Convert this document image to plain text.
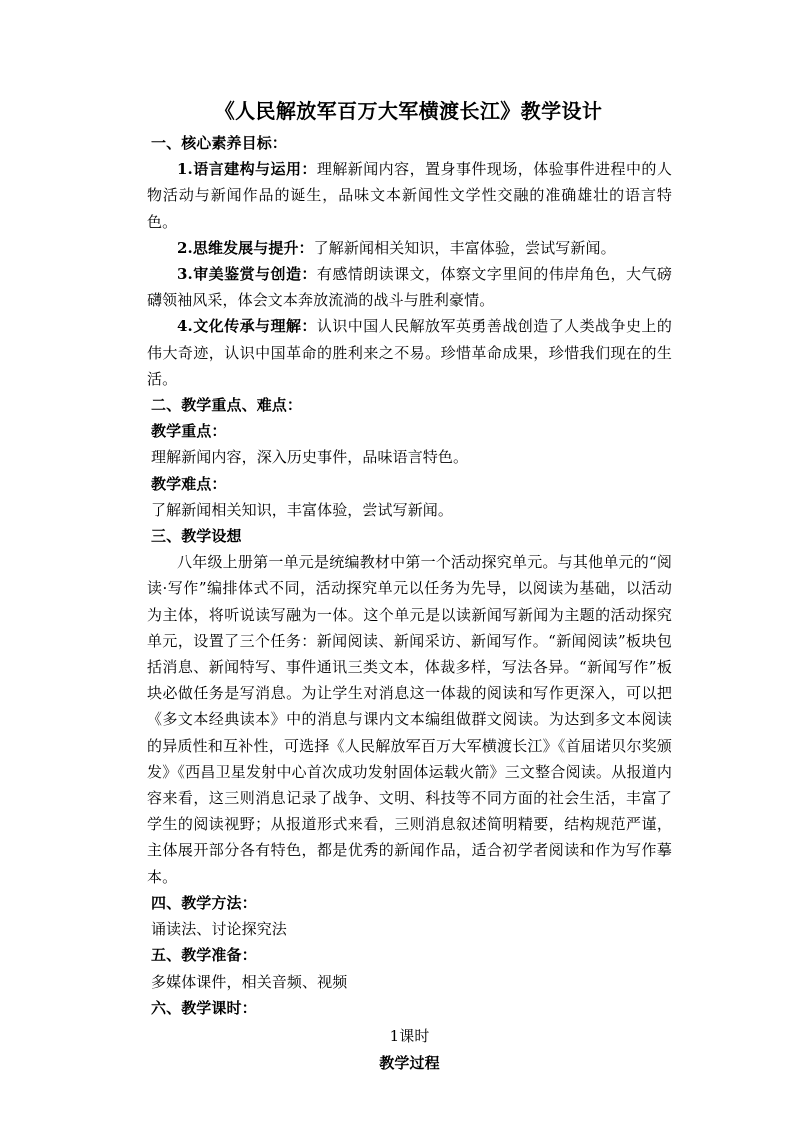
《人民解放军百万大军横渡长江》教学设计

一、核心素养目标：

1.语言建构与运用：理解新闻内容，置身事件现场，体验事件进程中的人物活动与新闻作品的诞生，品味文本新闻性文学性交融的准确雄壮的语言特色。

2.思维发展与提升：了解新闻相关知识，丰富体验，尝试写新闻。

3.审美鉴赏与创造：有感情朗读课文，体察文字里间的伟岸角色，大气磅礴领袖风采，体会文本奔放流淌的战斗与胜利豪情。

4.文化传承与理解：认识中国人民解放军英勇善战创造了人类战争史上的伟大奇迹，认识中国革命的胜利来之不易。珍惜革命成果，珍惜我们现在的生活。

二、教学重点、难点：

教学重点：

理解新闻内容，深入历史事件，品味语言特色。

教学难点：

了解新闻相关知识，丰富体验，尝试写新闻。

三、教学设想

八年级上册第一单元是统编教材中第一个活动探究单元。与其他单元的“阅读·写作”编排体式不同，活动探究单元以任务为先导，以阅读为基础，以活动为主体，将听说读写融为一体。这个单元是以读新闻写新闻为主题的活动探究单元，设置了三个任务：新闻阅读、新闻采访、新闻写作。“新闻阅读”板块包括消息、新闻特写、事件通讯三类文本，体裁多样，写法各异。“新闻写作”板块必做任务是写消息。为让学生对消息这一体裁的阅读和写作更深入，可以把《多文本经典读本》中的消息与课内文本编组做群文阅读。为达到多文本阅读的异质性和互补性，可选择《人民解放军百万大军横渡长江》《首届诺贝尔奖颁发》《西昌卫星发射中心首次成功发射固体运载火箭》三文整合阅读。从报道内容来看，这三则消息记录了战争、文明、科技等不同方面的社会生活，丰富了学生的阅读视野；从报道形式来看，三则消息叙述简明精要，结构规范严谨，主体展开部分各有特色，都是优秀的新闻作品，适合初学者阅读和作为写作摹本。

四、教学方法：

诵读法、讨论探究法

五、教学准备：

多媒体课件，相关音频、视频

六、教学课时：

1课时

教学过程
